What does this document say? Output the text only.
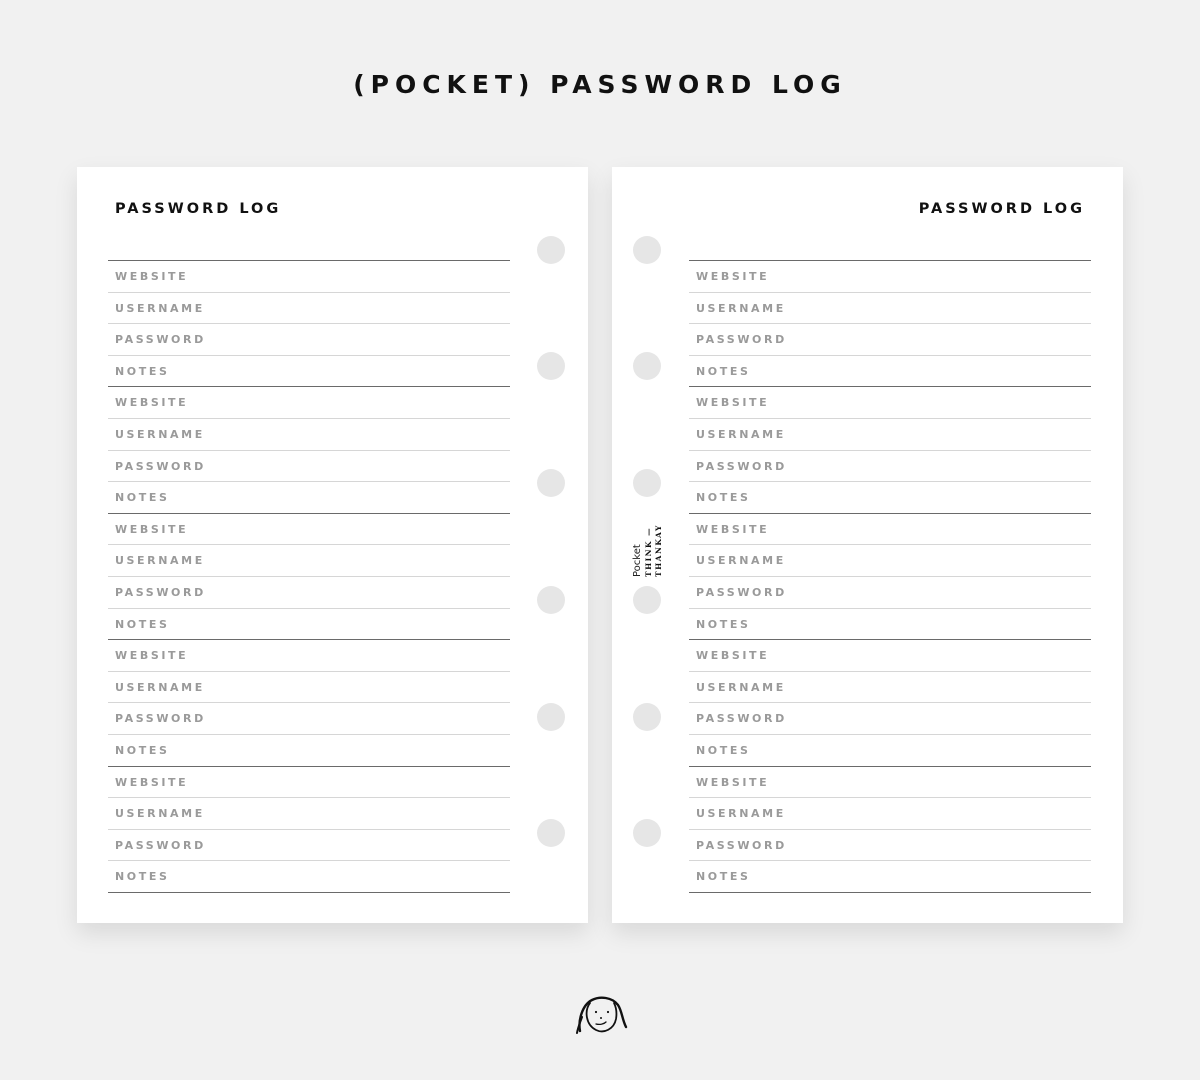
(POCKET) PASSWORD LOG
PASSWORD LOG
WEBSITE
USERNAME
PASSWORD
NOTES
WEBSITE
USERNAME
PASSWORD
NOTES
WEBSITE
USERNAME
PASSWORD
NOTES
WEBSITE
USERNAME
PASSWORD
NOTES
WEBSITE
USERNAME
PASSWORD
NOTES
PASSWORD LOG
WEBSITE
USERNAME
PASSWORD
NOTES
WEBSITE
USERNAME
PASSWORD
NOTES
WEBSITE
USERNAME
PASSWORD
NOTES
WEBSITE
USERNAME
PASSWORD
NOTES
WEBSITE
USERNAME
PASSWORD
NOTES
Pocket THINK — THANKAY
